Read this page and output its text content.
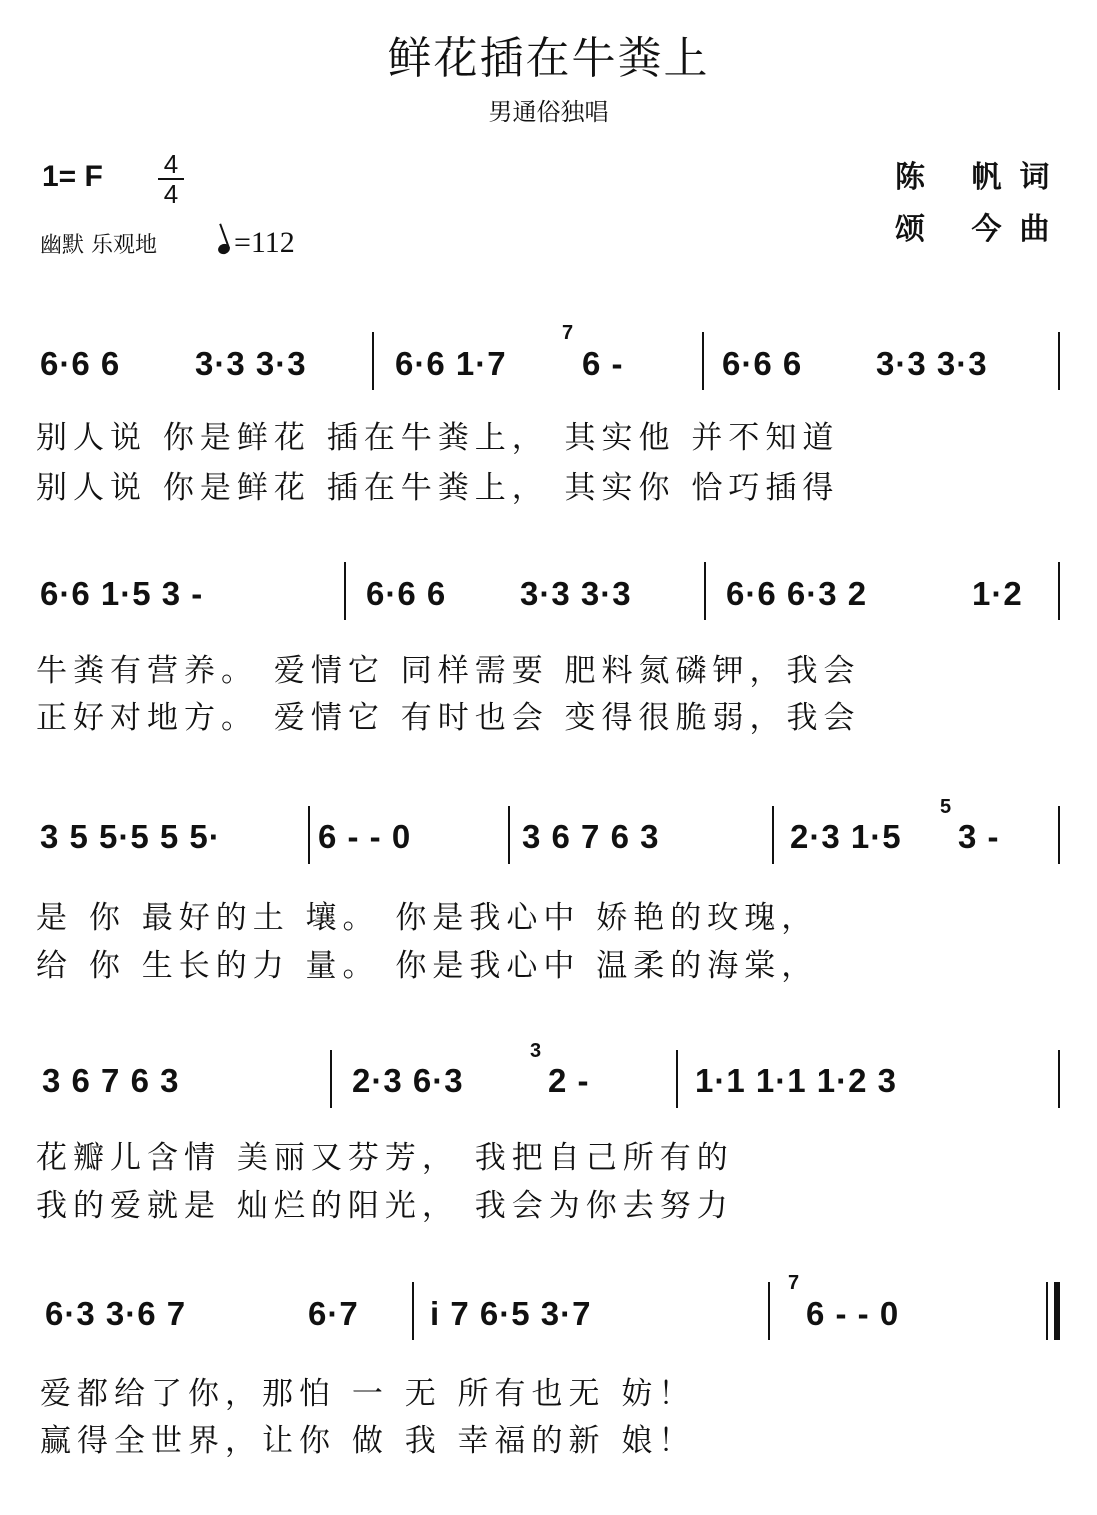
鲜花插在牛粪上
男通俗独唱
1= F 4
4
幽默 乐观地	=112
陈 帆词
颂 今曲
6·6 6 3·3 3·3	6·6 1·7
7
6 -	6·6 6 3·3 3·3
别人说 你是鲜花 插在牛粪上， 其实他 并不知道
别人说 你是鲜花 插在牛粪上， 其实你 恰巧插得
6·6 1·5 3 -	6·6 6 3·3 3·3	6·6 6·3 2	1·2
牛粪有营养。 爱情它 同样需要 肥料氮磷钾，我会
正好对地方。 爱情它 有时也会 变得很脆弱，我会
3 5 5·5 5 5·	6 - - 0	3 6 7 6 3	2·3 1·5
5
3 -
是 你 最好的土 壤。 你是我心中 娇艳的玫瑰，
给 你 生长的力 量。 你是我心中 温柔的海棠，
3 6 7 6 3	2·3 6·3
3
2 -	1·1 1·1 1·2 3
花瓣儿含情 美丽又芬芳， 我把自己所有的
我的爱就是 灿烂的阳光， 我会为你去努力
6·3 3·6 7	6·7 i 7 6·5 3·7
7
6 - - 0
爱都给了你，那怕 一 无 所有也无 妨！
赢得全世界，让你 做 我 幸福的新 娘！
